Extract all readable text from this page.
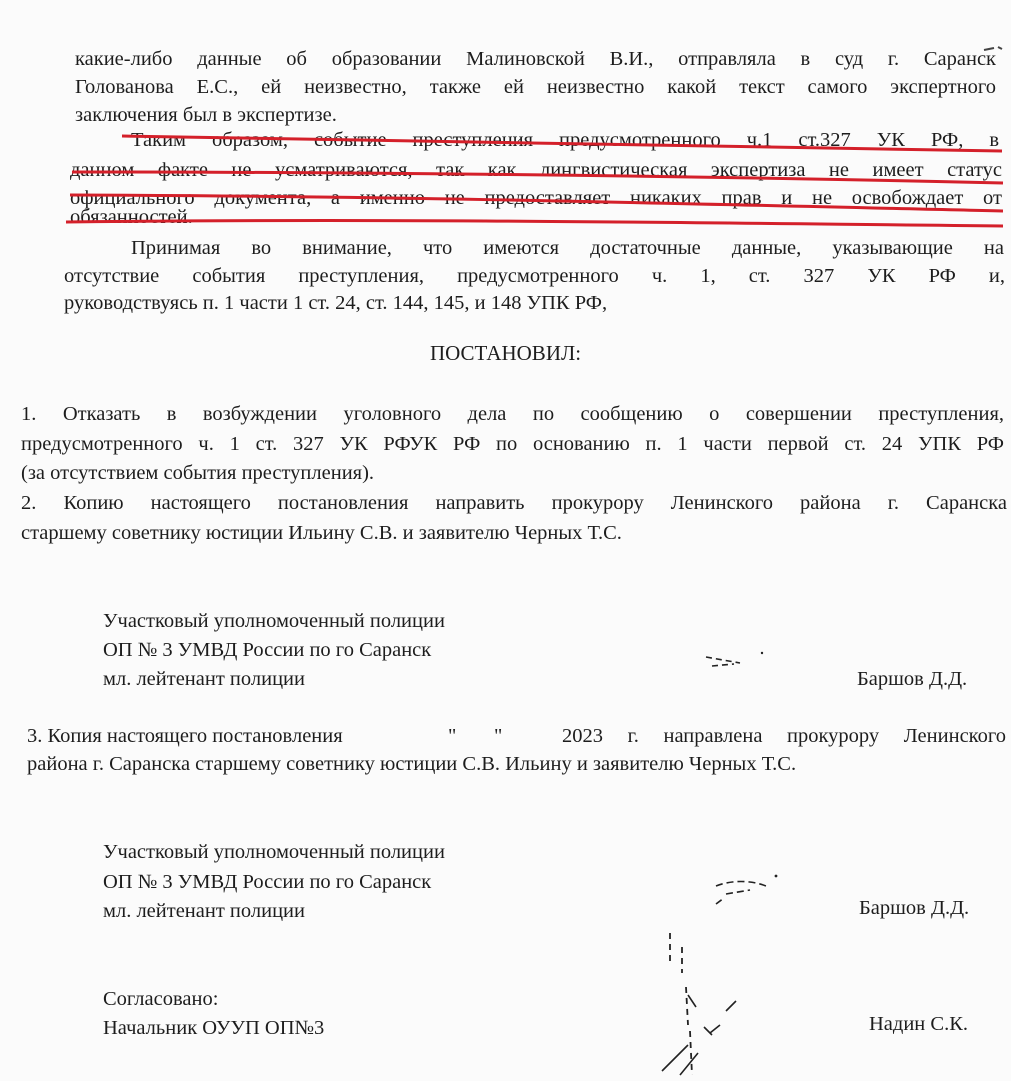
какие-либо данные об образовании Малиновской В.И., отправляла в суд г. Саранск
Голованова Е.С., ей неизвестно, также ей неизвестно какой текст самого экспертного
заключения был в экспертизе.
Таким образом, событие преступления предусмотренного ч.1 ст.327 УК РФ, в
данном факте не усматриваются, так как лингвистическая экспертиза не имеет статус
официального документа, а именно не предоставляет никаких прав и не освобождает от
обязанностей.
Принимая во внимание, что имеются достаточные данные, указывающие на
отсутствие события преступления, предусмотренного ч. 1, ст. 327 УК РФ и,
руководствуясь п. 1 части 1 ст. 24, ст. 144, 145, и 148 УПК РФ,
ПОСТАНОВИЛ:
1. Отказать в возбуждении уголовного дела по сообщению о совершении преступления,
предусмотренного ч. 1 ст. 327 УК РФУК РФ по основанию п. 1 части первой ст. 24 УПК РФ
(за отсутствием события преступления).
2. Копию настоящего постановления направить прокурору Ленинского района г. Саранска
старшему советнику юстиции Ильину С.В. и заявителю Черных Т.С.
Участковый уполномоченный полиции
ОП № 3 УМВД России по го Саранск
мл. лейтенант полиции	Баршов Д.Д.
3. Копия настоящего постановления	" "	2023 г. направлена прокурору Ленинского
района г. Саранска старшему советнику юстиции С.В. Ильину и заявителю Черных Т.С.
Участковый уполномоченный полиции
ОП № 3 УМВД России по го Саранск
мл. лейтенант полиции	Баршов Д.Д.
Согласовано:
Начальник ОУУП ОП№3	Надин С.К.
